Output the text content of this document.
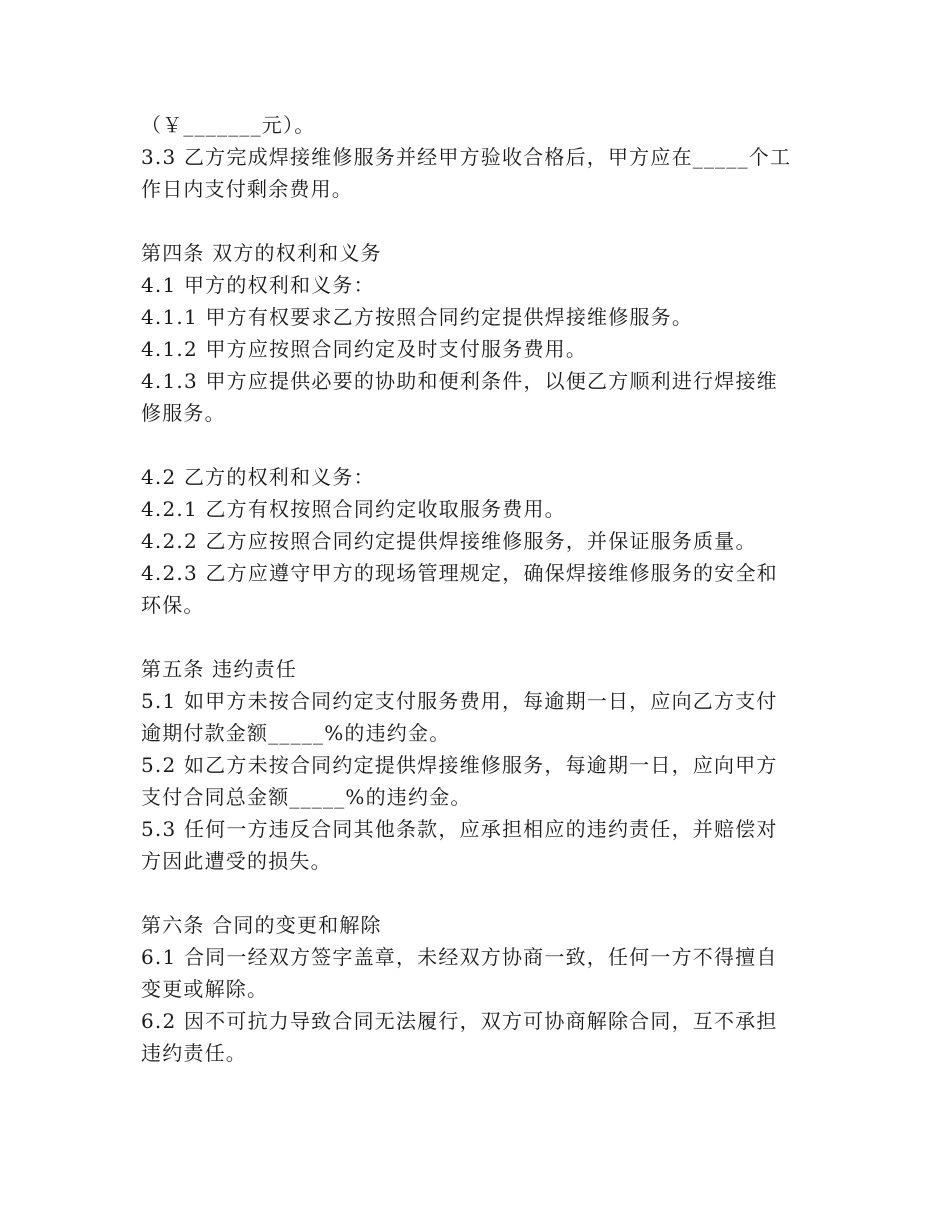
（￥_______元）。
3.3 乙方完成焊接维修服务并经甲方验收合格后，甲方应在_____个工
作日内支付剩余费用。
第四条 双方的权利和义务
4.1 甲方的权利和义务：
4.1.1 甲方有权要求乙方按照合同约定提供焊接维修服务。
4.1.2 甲方应按照合同约定及时支付服务费用。
4.1.3 甲方应提供必要的协助和便利条件，以便乙方顺利进行焊接维
修服务。
4.2 乙方的权利和义务：
4.2.1 乙方有权按照合同约定收取服务费用。
4.2.2 乙方应按照合同约定提供焊接维修服务，并保证服务质量。
4.2.3 乙方应遵守甲方的现场管理规定，确保焊接维修服务的安全和
环保。
第五条 违约责任
5.1 如甲方未按合同约定支付服务费用，每逾期一日，应向乙方支付
逾期付款金额_____%的违约金。
5.2 如乙方未按合同约定提供焊接维修服务，每逾期一日，应向甲方
支付合同总金额_____%的违约金。
5.3 任何一方违反合同其他条款，应承担相应的违约责任，并赔偿对
方因此遭受的损失。
第六条 合同的变更和解除
6.1 合同一经双方签字盖章，未经双方协商一致，任何一方不得擅自
变更或解除。
6.2 因不可抗力导致合同无法履行，双方可协商解除合同，互不承担
违约责任。
